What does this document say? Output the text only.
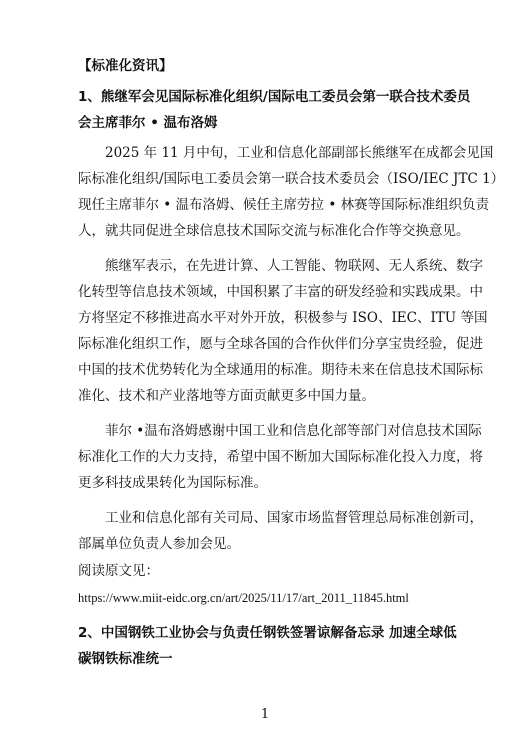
【标准化资讯】
1、熊继军会见国际标准化组织/国际电工委员会第一联合技术委员
会主席菲尔 • 温布洛姆
2025 年 11 月中旬，工业和信息化部副部长熊继军在成都会见国
际标准化组织/国际电工委员会第一联合技术委员会（ISO/IEC JTC 1）
现任主席菲尔 • 温布洛姆、候任主席劳拉 • 林赛等国际标准组织负责
人，就共同促进全球信息技术国际交流与标准化合作等交换意见。
熊继军表示，在先进计算、人工智能、物联网、无人系统、数字
化转型等信息技术领域，中国积累了丰富的研发经验和实践成果。中
方将坚定不移推进高水平对外开放，积极参与 ISO、IEC、ITU 等国
际标准化组织工作，愿与全球各国的合作伙伴们分享宝贵经验，促进
中国的技术优势转化为全球通用的标准。期待未来在信息技术国际标
准化、技术和产业落地等方面贡献更多中国力量。
菲尔 •温布洛姆感谢中国工业和信息化部等部门对信息技术国际
标准化工作的大力支持，希望中国不断加大国际标准化投入力度，将
更多科技成果转化为国际标准。
工业和信息化部有关司局、国家市场监督管理总局标准创新司，
部属单位负责人参加会见。
阅读原文见：
https://www.miit-eidc.org.cn/art/2025/11/17/art_2011_11845.html
2、中国钢铁工业协会与负责任钢铁签署谅解备忘录 加速全球低
碳钢铁标准统一
1
